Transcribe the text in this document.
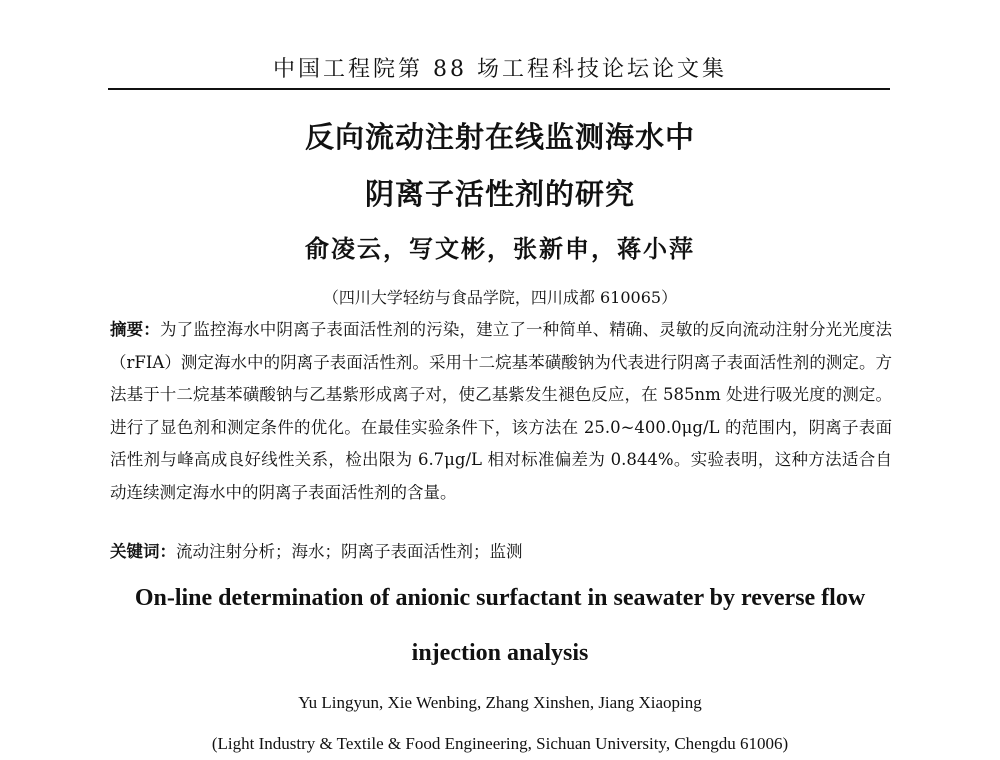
中国工程院第 88 场工程科技论坛论文集
反向流动注射在线监测海水中
阴离子活性剂的研究
俞凌云，写文彬，张新申，蒋小萍
（四川大学轻纺与食品学院，四川成都 610065）
摘要：为了监控海水中阴离子表面活性剂的污染，建立了一种简单、精确、灵敏的反向流动注射分光光度法（rFIA）测定海水中的阴离子表面活性剂。采用十二烷基苯磺酸钠为代表进行阴离子表面活性剂的测定。方法基于十二烷基苯磺酸钠与乙基紫形成离子对，使乙基紫发生褪色反应，在 585nm 处进行吸光度的测定。进行了显色剂和测定条件的优化。在最佳实验条件下，该方法在 25.0~400.0μg/L 的范围内，阴离子表面活性剂与峰高成良好线性关系，检出限为 6.7μg/L 相对标准偏差为 0.844%。实验表明，这种方法适合自动连续测定海水中的阴离子表面活性剂的含量。
关键词：流动注射分析；海水；阴离子表面活性剂；监测
On-line determination of anionic surfactant in seawater by reverse flow
injection analysis
Yu Lingyun, Xie Wenbing, Zhang Xinshen, Jiang Xiaoping
(Light Industry & Textile & Food Engineering, Sichuan University, Chengdu 61006)
